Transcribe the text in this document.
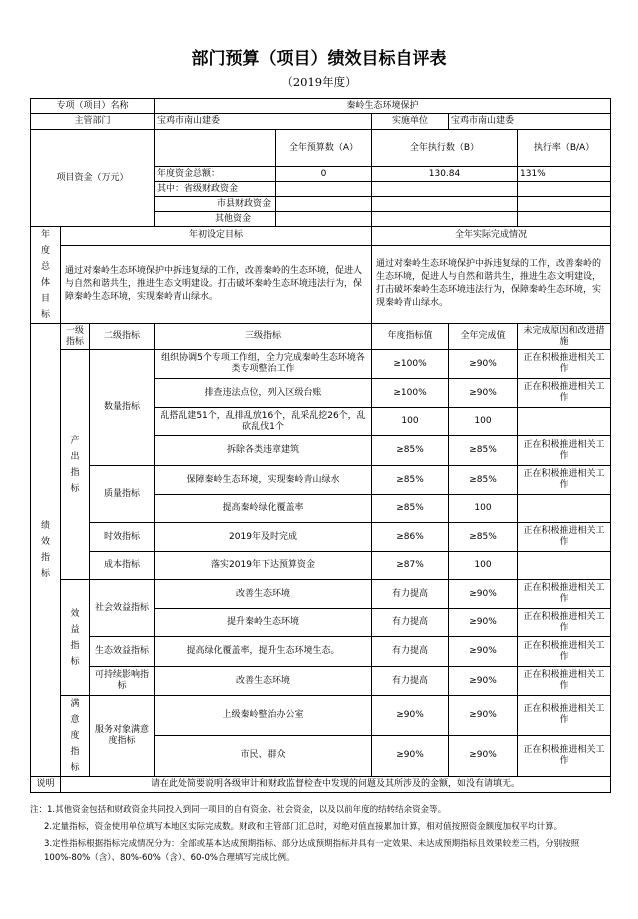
部门预算（项目）绩效目标自评表
（2019年度）
专项（项目）名称			秦岭生态环境保护				
主管部门			宝鸡市南山建委		实施单位	宝鸡市南山建委	
项目资金（万元）				全年预算数（A）	全年执行数（B）		执行率（B/A）
			年度资金总额：	0	130.84		131%
			其中：省级财政资金				
			市县财政资金				
			其他资金				
年度总体目标	年初设定目标				全年实际完成情况		
	通过对秦岭生态环境保护中拆违复绿的工作，改善秦岭的生态环境，促进人与自然和谐共生，推进生态文明建设。打击破坏秦岭生态环境违法行为，保障秦岭生态环境，实现秦岭青山绿水。				通过对秦岭生态环境保护中拆违复绿的工作，改善秦岭的生态环境，促进人与自然和谐共生，推进生态文明建设，打击破坏秦岭生态环境违法行为，保障秦岭生态环境，实现秦岭青山绿水。		
绩效指标	一级指标	二级指标	三级指标		年度指标值	全年完成值	未完成原因和改进措施
	产出指标	数量指标	组织协调5个专项工作组，全力完成秦岭生态环境各类专项整治工作		≥100%	≥90%	正在积极推进相关工作
			排查违法点位，列入区级台账		≥100%	≥90%	正在积极推进相关工作
			乱搭乱建51个，乱排乱放16个，乱采乱挖26个，乱砍乱伐1个		100	100	
			拆除各类违章建筑		≥85%	≥85%	正在积极推进相关工作
		质量指标	保障秦岭生态环境，实现秦岭青山绿水		≥85%	≥85%	正在积极推进相关工作
			提高秦岭绿化覆盖率		≥85%	100	
		时效指标	2019年及时完成		≥86%	≥85%	正在积极推进相关工作
		成本指标	落实2019年下达预算资金		≥87%	100	
	效益指标	社会效益指标	改善生态环境		有力提高	≥90%	正在积极推进相关工作
			提升秦岭生态环境		有力提高	≥90%	正在积极推进相关工作
		生态效益指标	提高绿化覆盖率，提升生态环境生态。		有力提高	≥90%	正在积极推进相关工作
		可持续影响指标	改善生态环境		有力提高	≥90%	正在积极推进相关工作
	满意度指标	服务对象满意度指标	上级秦岭整治办公室		≥90%	≥90%	正在积极推进相关工作
			市民、群众		≥90%	≥90%	正在积极推进相关工作
说明	请在此处简要说明各级审计和财政监督检查中发现的问题及其所涉及的金额，如没有请填无。						

注：1.其他资金包括和财政资金共同投入到同一项目的自有资金、社会资金，以及以前年度的结转结余资金等。

2.定量指标，资金使用单位填写本地区实际完成数。财政和主管部门汇总时，对绝对值直接累加计算，相对值按照资金额度加权平均计算。

3.定性指标根据指标完成情况分为：全部或基本达成预期指标、部分达成预期指标并具有一定效果、未达成预期指标且效果较差三档，分别按照100%-80%（含）、80%-60%（含）、60-0%合理填写完成比例。
